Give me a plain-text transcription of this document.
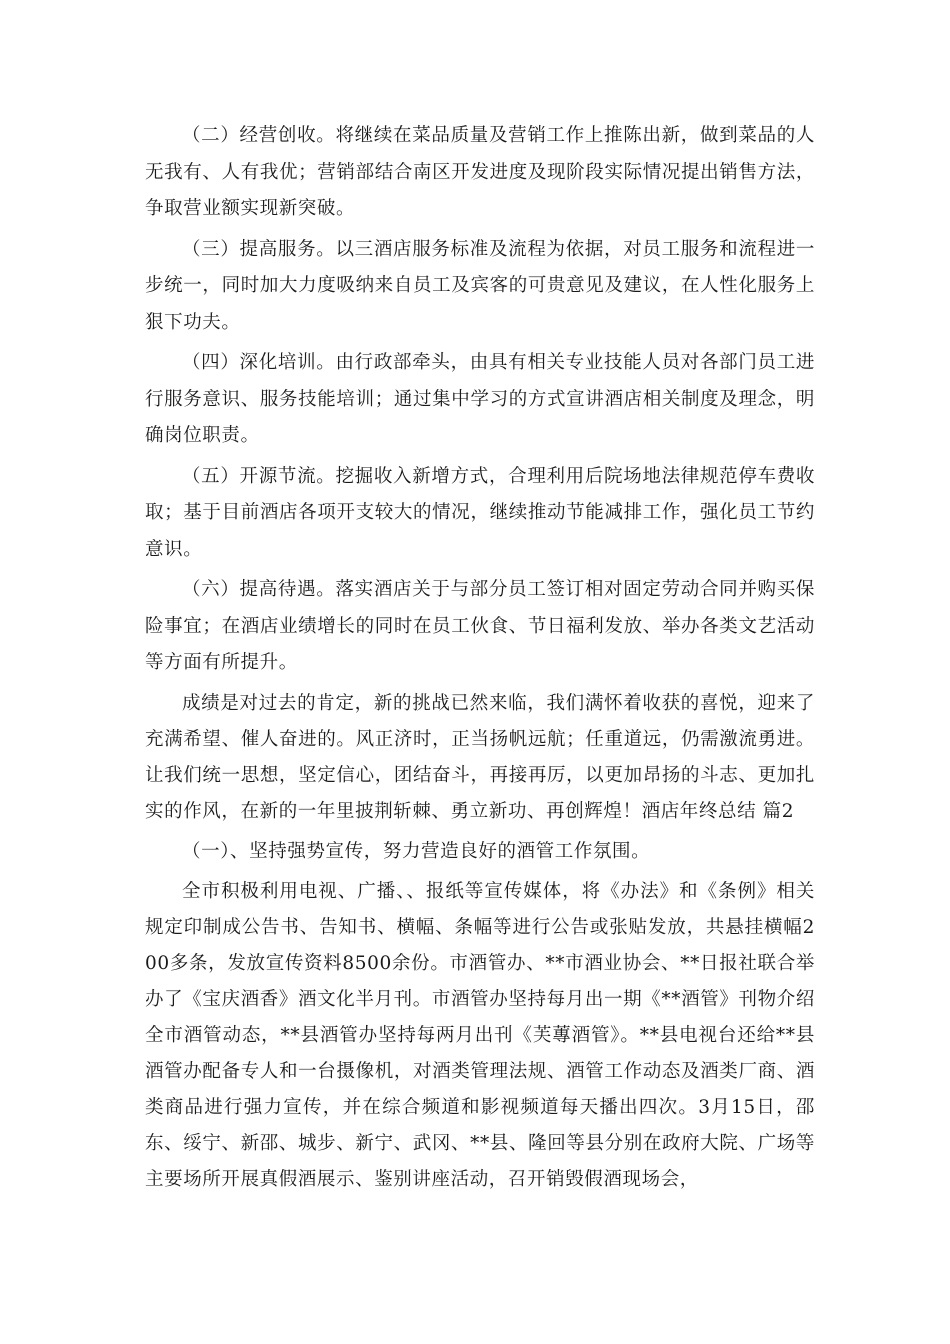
（二）经营创收。将继续在菜品质量及营销工作上推陈出新，做到菜品的人无我有、人有我优；营销部结合南区开发进度及现阶段实际情况提出销售方法，争取营业额实现新突破。

（三）提高服务。以三酒店服务标准及流程为依据，对员工服务和流程进一步统一，同时加大力度吸纳来自员工及宾客的可贵意见及建议，在人性化服务上狠下功夫。

（四）深化培训。由行政部牵头，由具有相关专业技能人员对各部门员工进行服务意识、服务技能培训；通过集中学习的方式宣讲酒店相关制度及理念，明确岗位职责。

（五）开源节流。挖掘收入新增方式，合理利用后院场地法律规范停车费收取；基于目前酒店各项开支较大的情况，继续推动节能减排工作，强化员工节约意识。

（六）提高待遇。落实酒店关于与部分员工签订相对固定劳动合同并购买保险事宜；在酒店业绩增长的同时在员工伙食、节日福利发放、举办各类文艺活动等方面有所提升。

成绩是对过去的肯定，新的挑战已然来临，我们满怀着收获的喜悦，迎来了充满希望、催人奋进的。风正济时，正当扬帆远航；任重道远，仍需激流勇进。让我们统一思想，坚定信心，团结奋斗，再接再厉，以更加昂扬的斗志、更加扎实的作风，在新的一年里披荆斩棘、勇立新功、再创辉煌！酒店年终总结 篇2

（一）、坚持强势宣传，努力营造良好的酒管工作氛围。

全市积极利用电视、广播、、报纸等宣传媒体，将《办法》和《条例》相关规定印制成公告书、告知书、横幅、条幅等进行公告或张贴发放，共悬挂横幅200多条，发放宣传资料8500余份。市酒管办、**市酒业协会、**日报社联合举办了《宝庆酒香》酒文化半月刊。市酒管办坚持每月出一期《**酒管》刊物介绍全市酒管动态，**县酒管办坚持每两月出刊《芙蓴酒管》。**县电视台还给**县酒管办配备专人和一台摄像机，对酒类管理法规、酒管工作动态及酒类厂商、酒类商品进行强力宣传，并在综合频道和影视频道每天播出四次。3月15日，邵东、绥宁、新邵、城步、新宁、武冈、**县、隆回等县分别在政府大院、广场等主要场所开展真假酒展示、鉴别讲座活动，召开销毁假酒现场会，
